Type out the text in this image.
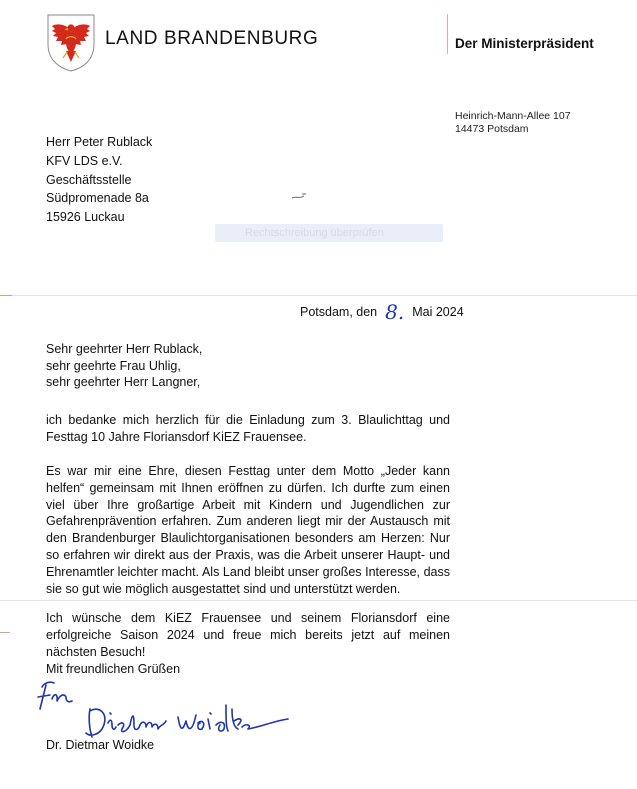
LAND BRANDENBURG	Der Ministerpräsident
Heinrich-Mann-Allee 107
14473 Potsdam
Herr Peter Rublack
KFV LDS e.V.
Geschäftsstelle
Südpromenade 8a
15926 Luckau
Rechtschreibung überprüfen
Potsdam, den 8. Mai 2024
Sehr geehrter Herr Rublack,
sehr geehrte Frau Uhlig,
sehr geehrter Herr Langner,
ich bedanke mich herzlich für die Einladung zum 3. Blaulichttag und Festtag 10 Jahre Floriansdorf KiEZ Frauensee.
Es war mir eine Ehre, diesen Festtag unter dem Motto „Jeder kann helfen“ gemeinsam mit Ihnen eröffnen zu dürfen. Ich durfte zum einen viel über Ihre großartige Arbeit mit Kindern und Jugendlichen zur Gefahrenprävention erfahren. Zum anderen liegt mir der Austausch mit den Brandenburger Blaulichtorganisationen besonders am Herzen: Nur so erfahren wir direkt aus der Praxis, was die Arbeit unserer Haupt- und Ehrenamtler leichter macht. Als Land bleibt unser großes Interesse, dass sie so gut wie möglich ausgestattet sind und unterstützt werden.
Ich wünsche dem KiEZ Frauensee und seinem Floriansdorf eine erfolgreiche Saison 2024 und freue mich bereits jetzt auf meinen nächsten Besuch!
Mit freundlichen Grüßen
Dr. Dietmar Woidke
